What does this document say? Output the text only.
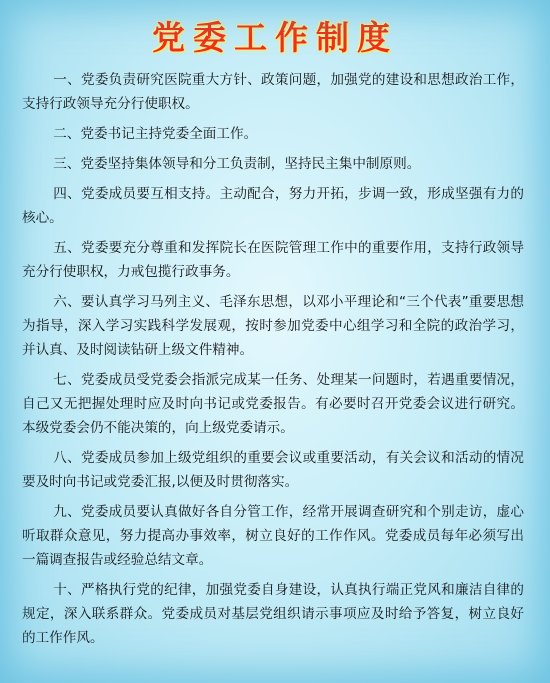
党委工作制度

一、党委负责研究医院重大方针、政策问题，加强党的建设和思想政治工作，支持行政领导充分行使职权。

二、党委书记主持党委全面工作。

三、党委坚持集体领导和分工负责制，坚持民主集中制原则。

四、党委成员要互相支持。主动配合，努力开拓，步调一致，形成坚强有力的核心。

五、党委要充分尊重和发挥院长在医院管理工作中的重要作用，支持行政领导充分行使职权，力戒包揽行政事务。

六、要认真学习马列主义、毛泽东思想，以邓小平理论和“三个代表”重要思想为指导，深入学习实践科学发展观，按时参加党委中心组学习和全院的政治学习，并认真、及时阅读钻研上级文件精神。

七、党委成员受党委会指派完成某一任务、处理某一问题时，若遇重要情况，自己又无把握处理时应及时向书记或党委报告。有必要时召开党委会议进行研究。本级党委会仍不能决策的，向上级党委请示。

八、党委成员参加上级党组织的重要会议或重要活动，有关会议和活动的情况要及时向书记或党委汇报,以便及时贯彻落实。

九、党委成员要认真做好各自分管工作，经常开展调查研究和个别走访，虚心听取群众意见，努力提高办事效率，树立良好的工作作风。党委成员每年必须写出一篇调查报告或经验总结文章。

十、严格执行党的纪律，加强党委自身建设，认真执行端正党风和廉洁自律的规定，深入联系群众。党委成员对基层党组织请示事项应及时给予答复，树立良好的工作作风。
